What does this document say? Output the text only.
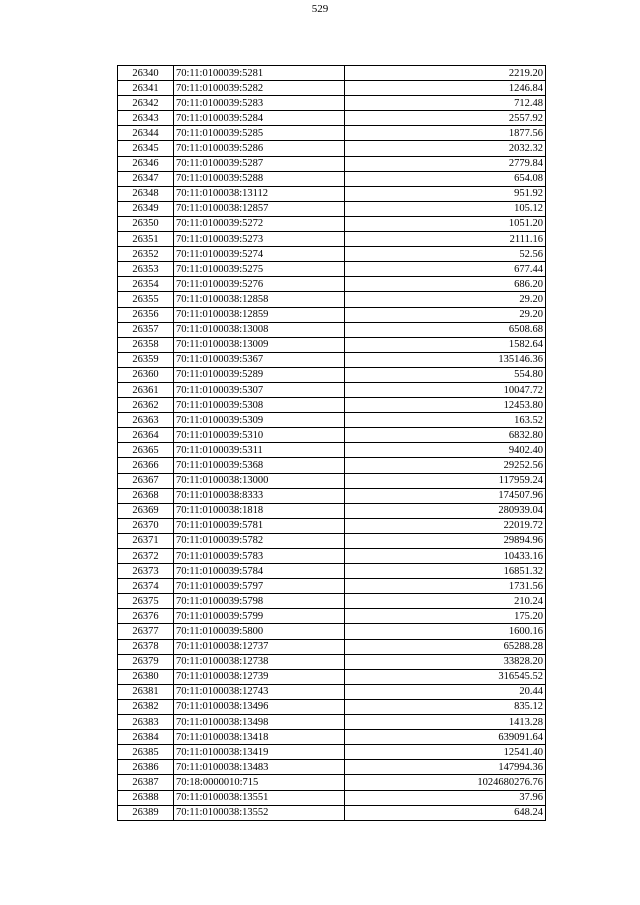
529
26340	70:11:0100039:5281	2219.20
26341	70:11:0100039:5282	1246.84
26342	70:11:0100039:5283	712.48
26343	70:11:0100039:5284	2557.92
26344	70:11:0100039:5285	1877.56
26345	70:11:0100039:5286	2032.32
26346	70:11:0100039:5287	2779.84
26347	70:11:0100039:5288	654.08
26348	70:11:0100038:13112	951.92
26349	70:11:0100038:12857	105.12
26350	70:11:0100039:5272	1051.20
26351	70:11:0100039:5273	2111.16
26352	70:11:0100039:5274	52.56
26353	70:11:0100039:5275	677.44
26354	70:11:0100039:5276	686.20
26355	70:11:0100038:12858	29.20
26356	70:11:0100038:12859	29.20
26357	70:11:0100038:13008	6508.68
26358	70:11:0100038:13009	1582.64
26359	70:11:0100039:5367	135146.36
26360	70:11:0100039:5289	554.80
26361	70:11:0100039:5307	10047.72
26362	70:11:0100039:5308	12453.80
26363	70:11:0100039:5309	163.52
26364	70:11:0100039:5310	6832.80
26365	70:11:0100039:5311	9402.40
26366	70:11:0100039:5368	29252.56
26367	70:11:0100038:13000	117959.24
26368	70:11:0100038:8333	174507.96
26369	70:11:0100038:1818	280939.04
26370	70:11:0100039:5781	22019.72
26371	70:11:0100039:5782	29894.96
26372	70:11:0100039:5783	10433.16
26373	70:11:0100039:5784	16851.32
26374	70:11:0100039:5797	1731.56
26375	70:11:0100039:5798	210.24
26376	70:11:0100039:5799	175.20
26377	70:11:0100039:5800	1600.16
26378	70:11:0100038:12737	65288.28
26379	70:11:0100038:12738	33828.20
26380	70:11:0100038:12739	316545.52
26381	70:11:0100038:12743	20.44
26382	70:11:0100038:13496	835.12
26383	70:11:0100038:13498	1413.28
26384	70:11:0100038:13418	639091.64
26385	70:11:0100038:13419	12541.40
26386	70:11:0100038:13483	147994.36
26387	70:18:0000010:715	1024680276.76
26388	70:11:0100038:13551	37.96
26389	70:11:0100038:13552	648.24
